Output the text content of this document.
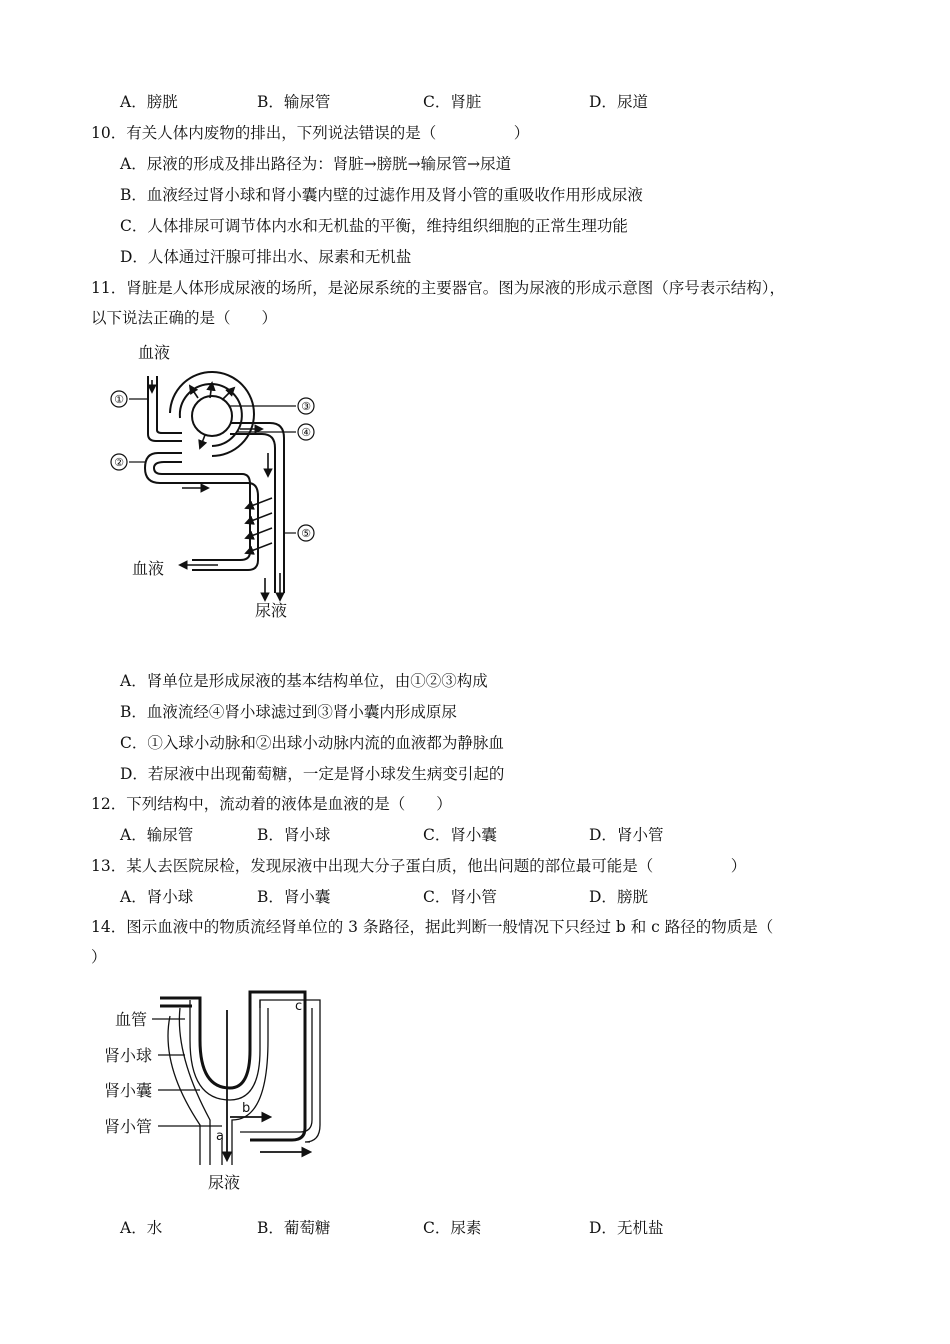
A．膀胱	B．输尿管	C．肾脏	D．尿道
10．有关人体内废物的排出，下列说法错误的是（　　　　　）
A．尿液的形成及排出路径为：肾脏→膀胱→输尿管→尿道
B．血液经过肾小球和肾小囊内壁的过滤作用及肾小管的重吸收作用形成尿液
C．人体排尿可调节体内水和无机盐的平衡，维持组织细胞的正常生理功能
D．人体通过汗腺可排出水、尿素和无机盐
11．肾脏是人体形成尿液的场所，是泌尿系统的主要器官。图为尿液的形成示意图（序号表示结构），
以下说法正确的是（　　）
①
②
③
④
⑤
血液
血液
尿液
A．肾单位是形成尿液的基本结构单位，由①②③构成
B．血液流经④肾小球滤过到③肾小囊内形成原尿
C．①入球小动脉和②出球小动脉内流的血液都为静脉血
D．若尿液中出现葡萄糖，一定是肾小球发生病变引起的
12．下列结构中，流动着的液体是血液的是（　　）
A．输尿管	B．肾小球	C．肾小囊	D．肾小管
13．某人去医院尿检，发现尿液中出现大分子蛋白质，他出问题的部位最可能是（　　　　　）
A．肾小球	B．肾小囊	C．肾小管	D．膀胱
14．图示血液中的物质流经肾单位的 3 条路径，据此判断一般情况下只经过 b 和 c 路径的物质是（
）
血管
肾小球
肾小囊
肾小管
a
b
c
尿液
A．水	B．葡萄糖	C．尿素	D．无机盐
